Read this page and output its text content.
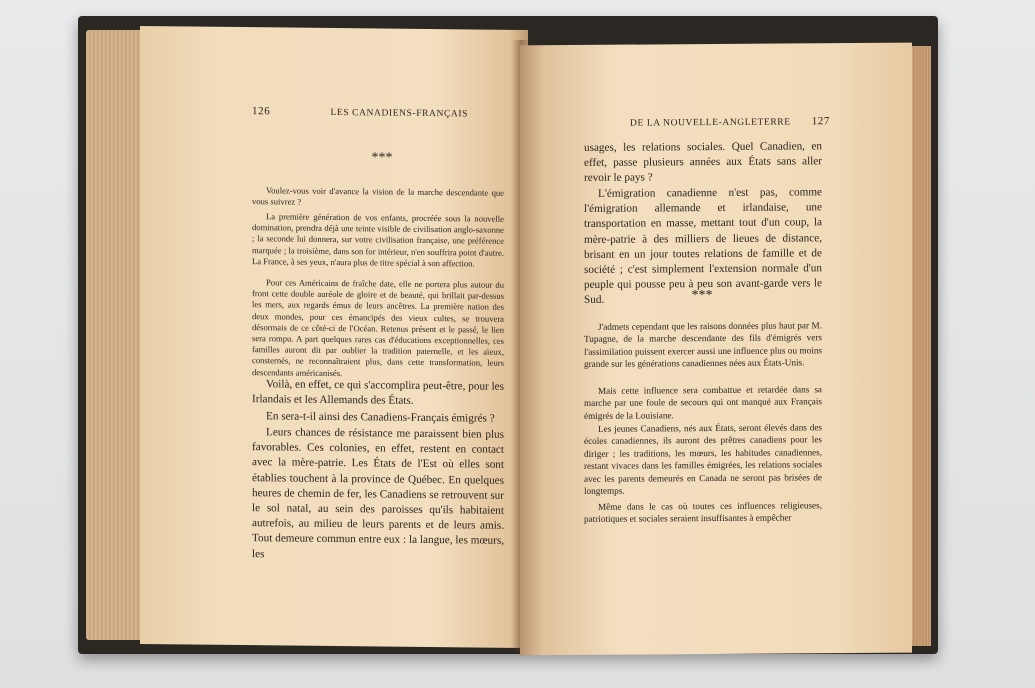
126	LES CANADIENS-FRANÇAIS
***

Voulez-vous voir d'avance la vision de la marche descendante que vous suivrez ?

La première génération de vos enfants, procréée sous la nouvelle domination, prendra déjà une teinte visible de civilisation anglo-saxonne ; la seconde lui donnera, sur votre civilisation française, une préférence marquée ; la troisième, dans son for intérieur, n'en souffrira point d'autre. La France, à ses yeux, n'aura plus de titre spécial à son affection.

Pour ces Américains de fraîche date, elle ne portera plus autour du front cette double auréole de gloire et de beauté, qui brillait par-dessus les mers, aux regards émus de leurs ancêtres. La première nation des deux mondes, pour ces émancipés des vieux cultes, se trouvera désormais de ce côté-ci de l'Océan. Retenus présent et le passé, le lien sera rompu. A part quelques rares cas d'éducations exceptionnelles, ces familles auront dit par oublier la tradition paternelle, et les aïeux, consternés, ne reconnaîtraient plus, dans cette transformation, leurs descendants américanisés.

Voilà, en effet, ce qui s'accomplira peut-être, pour les Irlandais et les Allemands des États.

En sera-t-il ainsi des Canadiens-Français émigrés ?

Leurs chances de résistance me paraissent bien plus favorables. Ces colonies, en effet, restent en contact avec la mère-patrie. Les États de l'Est où elles sont établies touchent à la province de Québec. En quelques heures de chemin de fer, les Canadiens se retrouvent sur le sol natal, au sein des paroisses qu'ils habitaient autrefois, au milieu de leurs parents et de leurs amis. Tout demeure commun entre eux : la langue, les mœurs, les

DE LA NOUVELLE-ANGLETERRE 127

usages, les relations sociales. Quel Canadien, en effet, passe plusieurs années aux États sans aller revoir le pays ?

L'émigration canadienne n'est pas, comme l'émigration allemande et irlandaise, une transportation en masse, mettant tout d'un coup, la mère-patrie à des milliers de lieues de distance, brisant en un jour toutes relations de famille et de société ; c'est simplement l'extension normale d'un peuple qui pousse peu à peu son avant-garde vers le Sud.	***

J'admets cependant que les raisons données plus haut par M. Tupagne, de la marche descendante des fils d'émigrés vers l'assimilation puissent exercer aussi une influence plus ou moins grande sur les générations canadiennes nées aux États-Unis.

Mais cette influence sera combattue et retardée dans sa marche par une foule de secours qui ont manqué aux Français émigrés de la Louisiane.

Les jeunes Canadiens, nés aux États, seront élevés dans des écoles canadiennes, ils auront des prêtres canadiens pour les diriger ; les traditions, les mœurs, les habitudes canadiennes, restant vivaces dans les familles émigrées, les relations sociales avec les parents demeurés en Canada ne seront pas brisées de longtemps.

Même dans le cas où toutes ces influences religieuses, patriotiques et sociales seraient insuffisantes à empêcher
